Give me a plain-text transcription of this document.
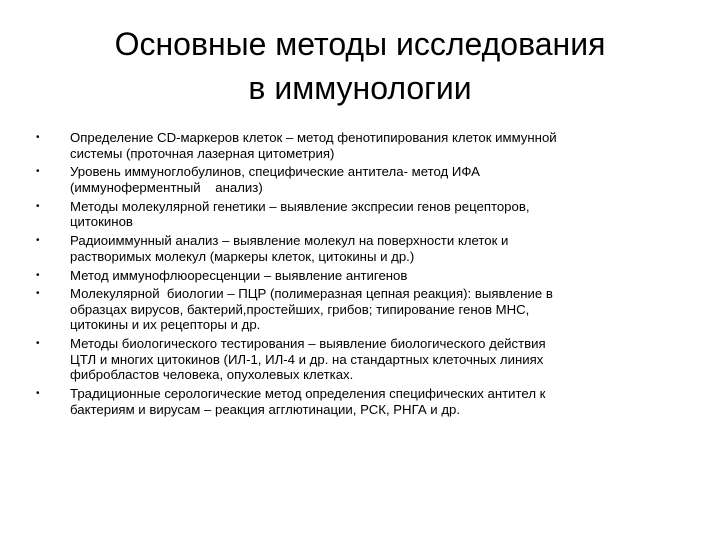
Основные методы исследования
в иммунологии
•	Определение CD-маркеров клеток – метод фенотипирования клеток иммунной
системы (проточная лазерная цитометрия)
•	Уровень иммуноглобулинов, специфические антитела- метод ИФА
(иммуноферментный    анализ)
•	Методы молекулярной генетики – выявление экспресии генов рецепторов,
цитокинов
•	Радиоиммунный анализ – выявление молекул на поверхности клеток и
растворимых молекул (маркеры клеток, цитокины и др.)
•	Метод иммунофлюоресценции – выявление антигенов
•	Молекулярной  биологии – ПЦР (полимеразная цепная реакция): выявление в
образцах вирусов, бактерий,простейших, грибов; типирование генов МНС,
цитокины и их рецепторы и др.
•	Методы биологического тестирования – выявление биологического действия
ЦТЛ и многих цитокинов (ИЛ-1, ИЛ-4 и др. на стандартных клеточных линиях
фибробластов человека, опухолевых клетках.
•	Традиционные серологические метод определения специфических антител к
бактериям и вирусам – реакция агглютинации, РСК, РНГА и др.
